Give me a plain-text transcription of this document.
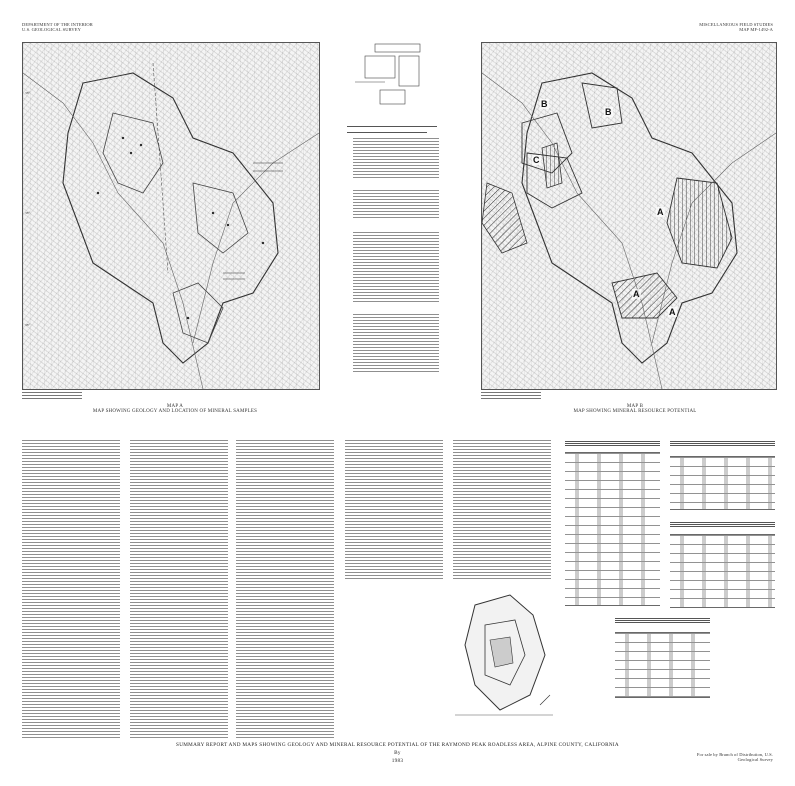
DEPARTMENT OF THE INTERIOR
U.S. GEOLOGICAL SURVEY
MISCELLANEOUS FIELD STUDIES
MAP MF-1492-A
38°
38°
38°
MAP A
MAP SHOWING GEOLOGY AND LOCATION OF MINERAL SAMPLES
B
B
C
A
A
A
MAP B
MAP SHOWING MINERAL RESOURCE POTENTIAL
SUMMARY REPORT AND MAPS SHOWING GEOLOGY AND MINERAL RESOURCE POTENTIAL OF THE RAYMOND PEAK ROADLESS AREA, ALPINE COUNTY, CALIFORNIA
By
1983
For sale by Branch of Distribution, U.S. Geological Survey
